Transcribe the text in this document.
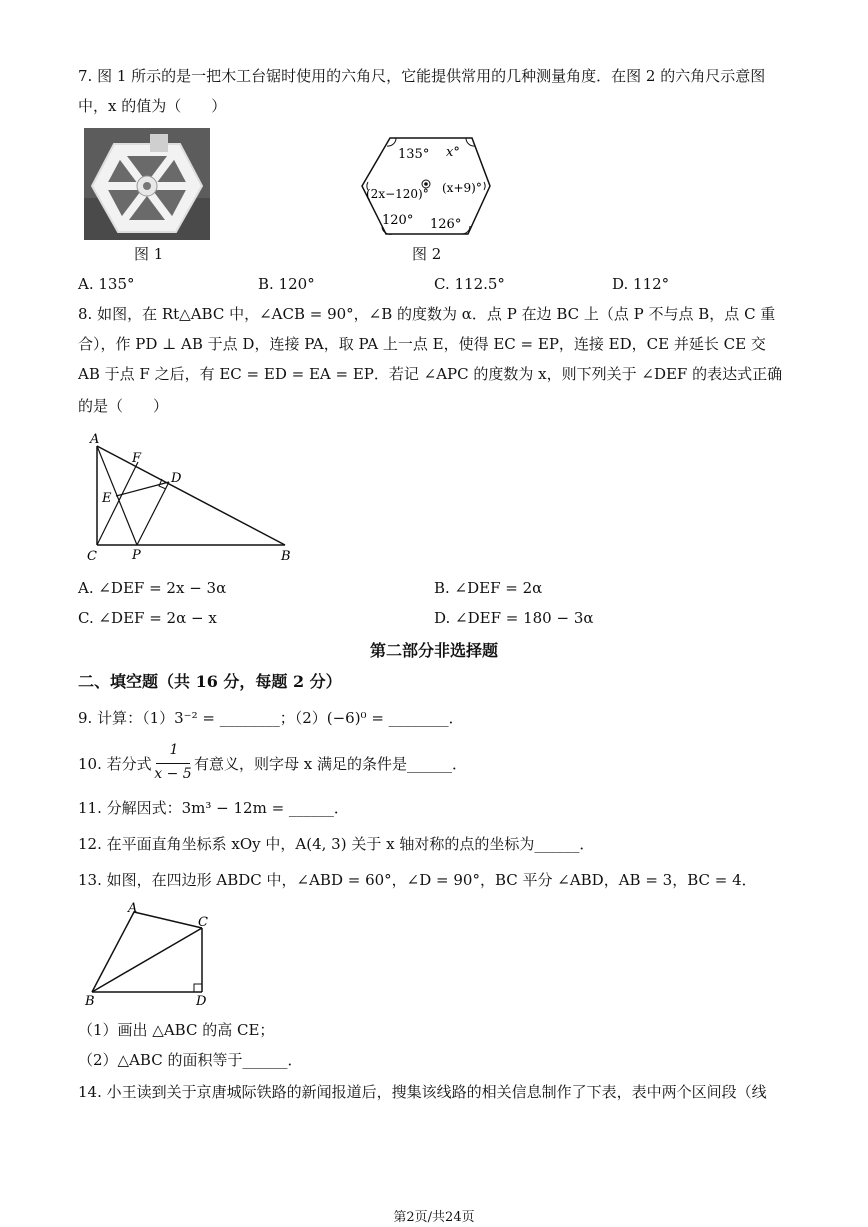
7. 图 1 所示的是一把木工台锯时使用的六角尺，它能提供常用的几种测量角度．在图 2 的六角尺示意图
中，x 的值为（　　）
图 1
135° x°
(2x−120)° (x+9)°
120° 126°
图 2
A. 135°	B. 120°	C. 112.5°	D. 112°
8. 如图，在 Rt△ABC 中，∠ACB = 90°，∠B 的度数为 α．点 P 在边 BC 上（点 P 不与点 B，点 C 重
合），作 PD ⊥ AB 于点 D，连接 PA，取 PA 上一点 E，使得 EC = EP，连接 ED，CE 并延长 CE 交
AB 于点 F 之后，有 EC = ED = EA = EP．若记 ∠APC 的度数为 x，则下列关于 ∠DEF 的表达式正确
的是（　　）
A
F
D
E
C	P	B
A. ∠DEF = 2x − 3α	B. ∠DEF = 2α
C. ∠DEF = 2α − x	D. ∠DEF = 180 − 3α
第二部分非选择题
二、填空题（共 16 分，每题 2 分）
9. 计算：（1）3⁻² = ________；（2）(−6)⁰ = ________．
10. 若分式
1
x − 5
有意义，则字母 x 满足的条件是______．
11. 分解因式：3m³ − 12m = ______．
12. 在平面直角坐标系 xOy 中，A(4, 3) 关于 x 轴对称的点的坐标为______．
13. 如图，在四边形 ABDC 中，∠ABD = 60°，∠D = 90°，BC 平分 ∠ABD，AB = 3，BC = 4．
A
C
B	D
（1）画出 △ABC 的高 CE；
（2）△ABC 的面积等于______．
14. 小王读到关于京唐城际铁路的新闻报道后，搜集该线路的相关信息制作了下表，表中两个区间段（线
第2页/共24页
